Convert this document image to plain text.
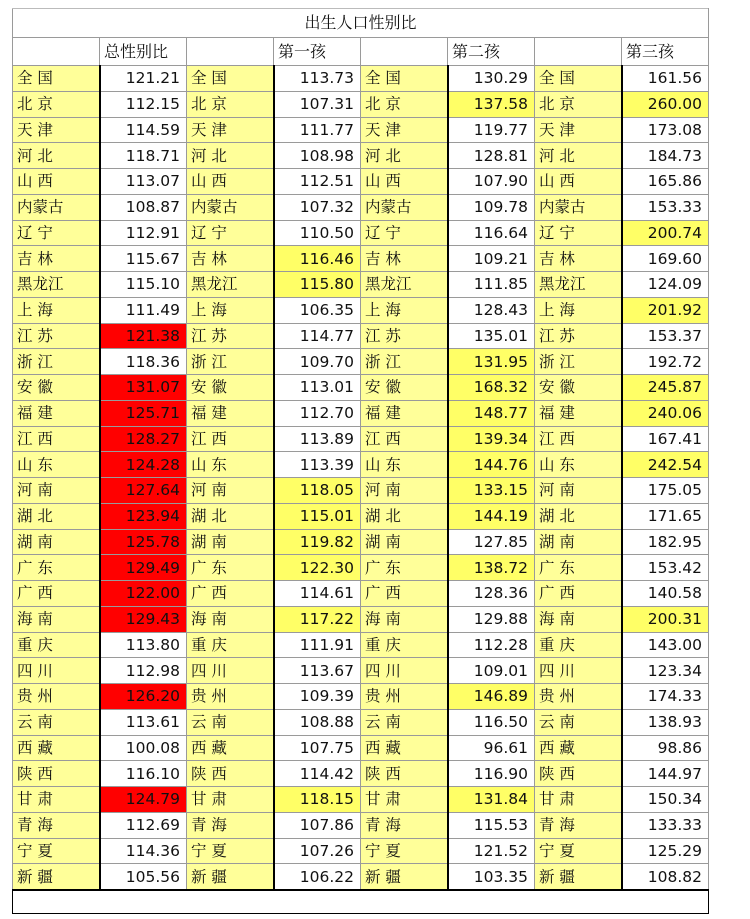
出生人口性别比							
	总性别比		第一孩		第二孩		第三孩
全 国	121.21	全 国	113.73	全 国	130.29	全 国	161.56
北 京	112.15	北 京	107.31	北 京	137.58	北 京	260.00
天 津	114.59	天 津	111.77	天 津	119.77	天 津	173.08
河 北	118.71	河 北	108.98	河 北	128.81	河 北	184.73
山 西	113.07	山 西	112.51	山 西	107.90	山 西	165.86
内蒙古	108.87	内蒙古	107.32	内蒙古	109.78	内蒙古	153.33
辽 宁	112.91	辽 宁	110.50	辽 宁	116.64	辽 宁	200.74
吉 林	115.67	吉 林	116.46	吉 林	109.21	吉 林	169.60
黑龙江	115.10	黑龙江	115.80	黑龙江	111.85	黑龙江	124.09
上 海	111.49	上 海	106.35	上 海	128.43	上 海	201.92
江 苏	121.38	江 苏	114.77	江 苏	135.01	江 苏	153.37
浙 江	118.36	浙 江	109.70	浙 江	131.95	浙 江	192.72
安 徽	131.07	安 徽	113.01	安 徽	168.32	安 徽	245.87
福 建	125.71	福 建	112.70	福 建	148.77	福 建	240.06
江 西	128.27	江 西	113.89	江 西	139.34	江 西	167.41
山 东	124.28	山 东	113.39	山 东	144.76	山 东	242.54
河 南	127.64	河 南	118.05	河 南	133.15	河 南	175.05
湖 北	123.94	湖 北	115.01	湖 北	144.19	湖 北	171.65
湖 南	125.78	湖 南	119.82	湖 南	127.85	湖 南	182.95
广 东	129.49	广 东	122.30	广 东	138.72	广 东	153.42
广 西	122.00	广 西	114.61	广 西	128.36	广 西	140.58
海 南	129.43	海 南	117.22	海 南	129.88	海 南	200.31
重 庆	113.80	重 庆	111.91	重 庆	112.28	重 庆	143.00
四 川	112.98	四 川	113.67	四 川	109.01	四 川	123.34
贵 州	126.20	贵 州	109.39	贵 州	146.89	贵 州	174.33
云 南	113.61	云 南	108.88	云 南	116.50	云 南	138.93
西 藏	100.08	西 藏	107.75	西 藏	96.61	西 藏	98.86
陕 西	116.10	陕 西	114.42	陕 西	116.90	陕 西	144.97
甘 肃	124.79	甘 肃	118.15	甘 肃	131.84	甘 肃	150.34
青 海	112.69	青 海	107.86	青 海	115.53	青 海	133.33
宁 夏	114.36	宁 夏	107.26	宁 夏	121.52	宁 夏	125.29
新 疆	105.56	新 疆	106.22	新 疆	103.35	新 疆	108.82
